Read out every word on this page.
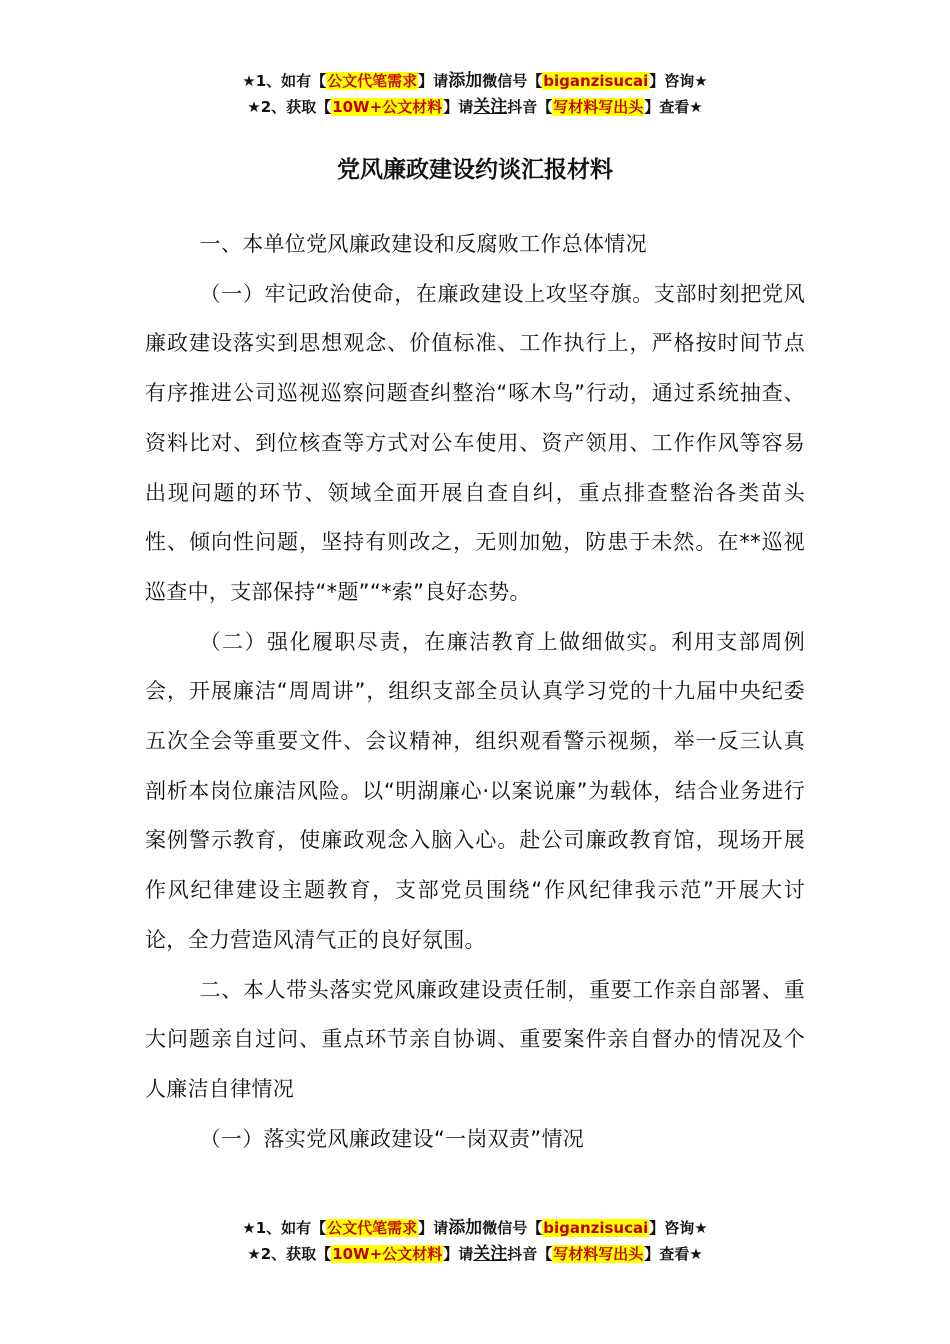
★1、如有【公文代笔需求】请添加微信号【biganzisucai】咨询★
★2、获取【10W+公文材料】请关注抖音【写材料写出头】查看★
党风廉政建设约谈汇报材料

一、本单位党风廉政建设和反腐败工作总体情况

（一）牢记政治使命，在廉政建设上攻坚夺旗。支部时刻把党风廉政建设落实到思想观念、价值标准、工作执行上，严格按时间节点有序推进公司巡视巡察问题查纠整治“啄木鸟”行动，通过系统抽查、资料比对、到位核查等方式对公车使用、资产领用、工作作风等容易出现问题的环节、领域全面开展自查自纠，重点排查整治各类苗头性、倾向性问题，坚持有则改之，无则加勉，防患于未然。在**巡视巡查中，支部保持“*题”“*索”良好态势。

（二）强化履职尽责，在廉洁教育上做细做实。利用支部周例会，开展廉洁“周周讲”，组织支部全员认真学习党的十九届中央纪委五次全会等重要文件、会议精神，组织观看警示视频，举一反三认真剖析本岗位廉洁风险。以“明湖廉心·以案说廉”为载体，结合业务进行案例警示教育，使廉政观念入脑入心。赴公司廉政教育馆，现场开展作风纪律建设主题教育，支部党员围绕“作风纪律我示范”开展大讨论，全力营造风清气正的良好氛围。

二、本人带头落实党风廉政建设责任制，重要工作亲自部署、重大问题亲自过问、重点环节亲自协调、重要案件亲自督办的情况及个人廉洁自律情况

（一）落实党风廉政建设“一岗双责”情况

★1、如有【公文代笔需求】请添加微信号【biganzisucai】咨询★
★2、获取【10W+公文材料】请关注抖音【写材料写出头】查看★
